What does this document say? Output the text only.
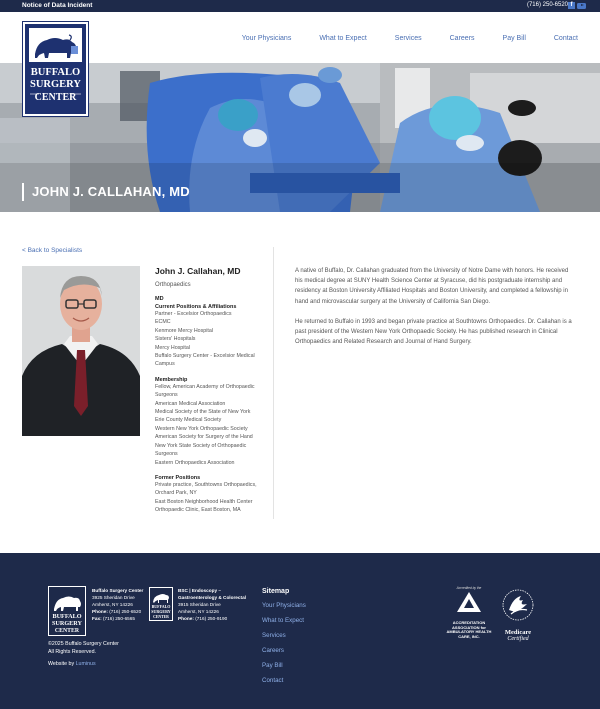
Notice of Data Incident	(716) 250-6520 f
Your Physicians	What to Expect	Services	Careers	Pay Bill	Contact
BUFFALO
SURGERY
CENTER
JOHN J. CALLAHAN, MD
< Back to Specialists
John J. Callahan, MD
Orthopaedics
MD
Current Positions & Affiliations
Partner - Excelsior Orthopaedics
ECMC
Kenmore Mercy Hospital
Sisters' Hospitals
Mercy Hospital
Buffalo Surgery Center - Excelsior Medical
Campus
Membership
Fellow, American Academy of Orthopaedic
Surgeons
American Medical Association
Medical Society of the State of New York
Erie County Medical Society
Western New York Orthopaedic Society
American Society for Surgery of the Hand
New York State Society of Orthopaedic
Surgeons
Eastern Orthopaedics Association
Former Positions
Private practice, Southtowns Orthopaedics,
Orchard Park, NY
East Boston Neighborhood Health Center
Orthopaedic Clinic, East Boston, MA

A native of Buffalo, Dr. Callahan graduated from the University of Notre Dame with honors. He received his medical degree at SUNY Health Science Center at Syracuse, did his postgraduate internship and residency at Boston University Affiliated Hospitals and Boston University, and completed a fellowship in hand and microvascular surgery at the University of California San Diego.

He returned to Buffalo in 1993 and began private practice at Southtowns Orthopaedics. Dr. Callahan is a past president of the Western New York Orthopaedic Society. He has published research in Clinical Orthopaedics and Related Research and Journal of Hand Surgery.

BUFFALO
SURGERY
CENTER
Buffalo Surgery Center
3925 Sheridan Drive
Amherst, NY 14226
Phone: (716) 250-6520
Fax: (716) 250-6565
BUFFALO
SURGERY
CENTER
BSC | Endoscopy – Gastroenterology & Colorectal
3915 Sheridan Drive
Amherst, NY 14226
Phone: (716) 250-9190
©2025 Buffalo Surgery Center
All Rights Reserved.
Website by Luminus
Sitemap
Your Physicians
What to Expect
Services
Careers
Pay Bill
Contact
Accredited by the
ACCREDITATION ASSOCIATION for AMBULATORY HEALTH CARE, INC.
Medicare
Certified
